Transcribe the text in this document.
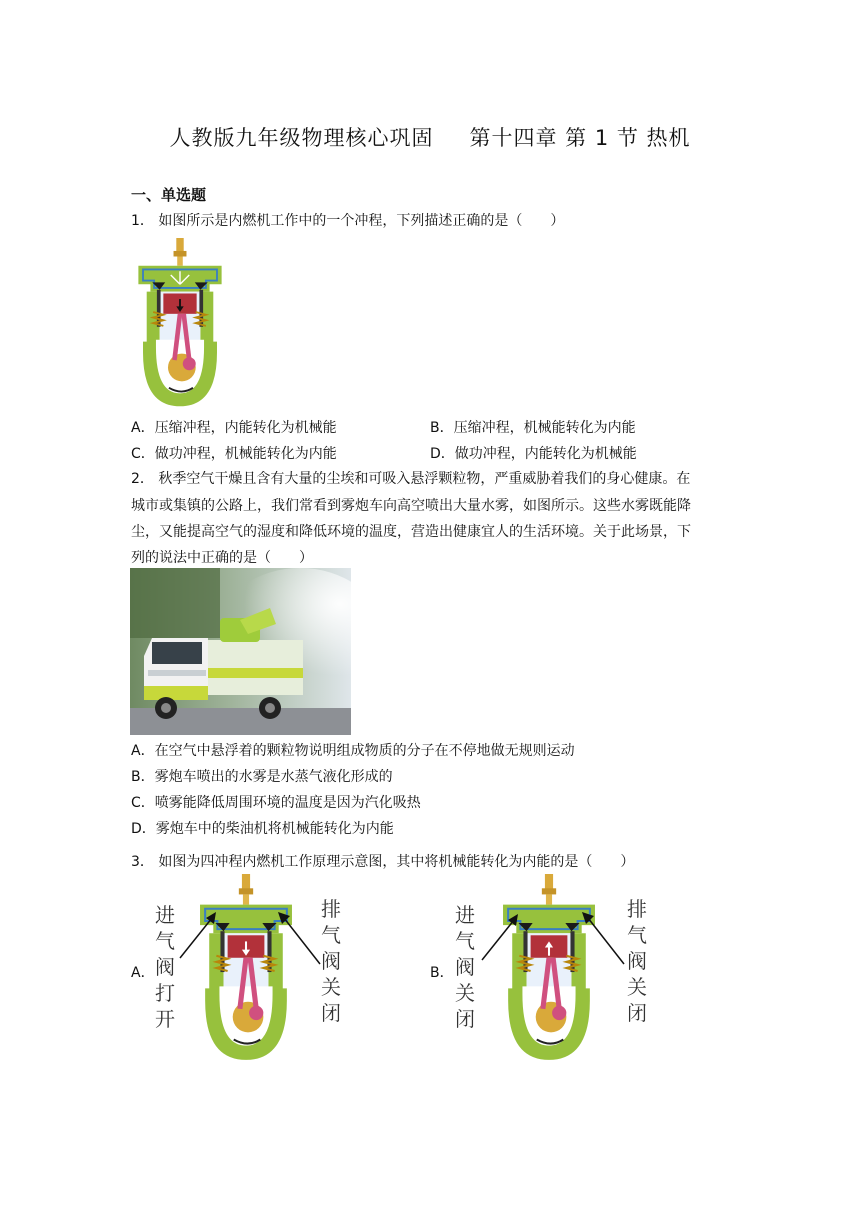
人教版九年级物理核心巩固 第十四章 第 1 节 热机
一、单选题
1． 如图所示是内燃机工作中的一个冲程，下列描述正确的是（　　）
A．压缩冲程，内能转化为机械能	B．压缩冲程，机械能转化为内能
C．做功冲程，机械能转化为内能	D．做功冲程，内能转化为机械能
2． 秋季空气干燥且含有大量的尘埃和可吸入悬浮颗粒物，严重威胁着我们的身心健康。在
城市或集镇的公路上，我们常看到雾炮车向高空喷出大量水雾，如图所示。这些水雾既能降
尘，又能提高空气的湿度和降低环境的温度，营造出健康宜人的生活环境。关于此场景，下
列的说法中正确的是（　　）
A．在空气中悬浮着的颗粒物说明组成物质的分子在不停地做无规则运动
B．雾炮车喷出的水雾是水蒸气液化形成的
C．喷雾能降低周围环境的温度是因为汽化吸热
D．雾炮车中的柴油机将机械能转化为内能
3． 如图为四冲程内燃机工作原理示意图，其中将机械能转化为内能的是（　　）
A．
进
气
阀
打
开
排
气
阀
关
闭
B．
进
气
阀
关
闭
排
气
阀
关
闭
